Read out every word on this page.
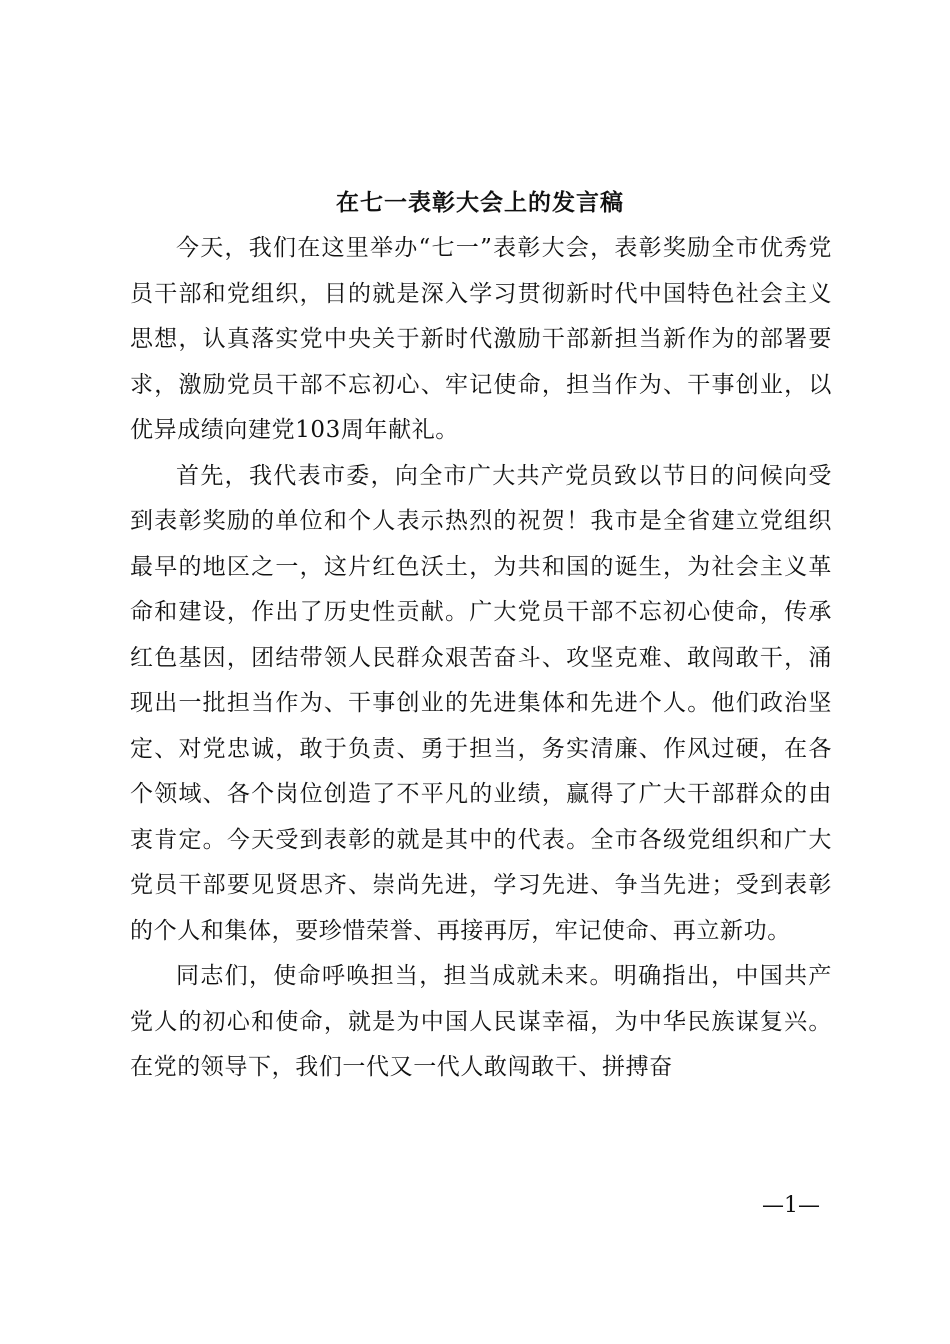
在七一表彰大会上的发言稿

今天，我们在这里举办“七一”表彰大会，表彰奖励全市优秀党员干部和党组织，目的就是深入学习贯彻新时代中国特色社会主义思想，认真落实党中央关于新时代激励干部新担当新作为的部署要求，激励党员干部不忘初心、牢记使命，担当作为、干事创业，以优异成绩向建党103周年献礼。

首先，我代表市委，向全市广大共产党员致以节日的问候向受到表彰奖励的单位和个人表示热烈的祝贺！我市是全省建立党组织最早的地区之一，这片红色沃土，为共和国的诞生，为社会主义革命和建设，作出了历史性贡献。广大党员干部不忘初心使命，传承红色基因，团结带领人民群众艰苦奋斗、攻坚克难、敢闯敢干，涌现出一批担当作为、干事创业的先进集体和先进个人。他们政治坚定、对党忠诚，敢于负责、勇于担当，务实清廉、作风过硬，在各个领域、各个岗位创造了不平凡的业绩，赢得了广大干部群众的由衷肯定。今天受到表彰的就是其中的代表。全市各级党组织和广大党员干部要见贤思齐、崇尚先进，学习先进、争当先进；受到表彰的个人和集体，要珍惜荣誉、再接再厉，牢记使命、再立新功。

同志们，使命呼唤担当，担当成就未来。明确指出，中国共产党人的初心和使命，就是为中国人民谋幸福，为中华民族谋复兴。在党的领导下，我们一代又一代人敢闯敢干、拼搏奋

—1—
